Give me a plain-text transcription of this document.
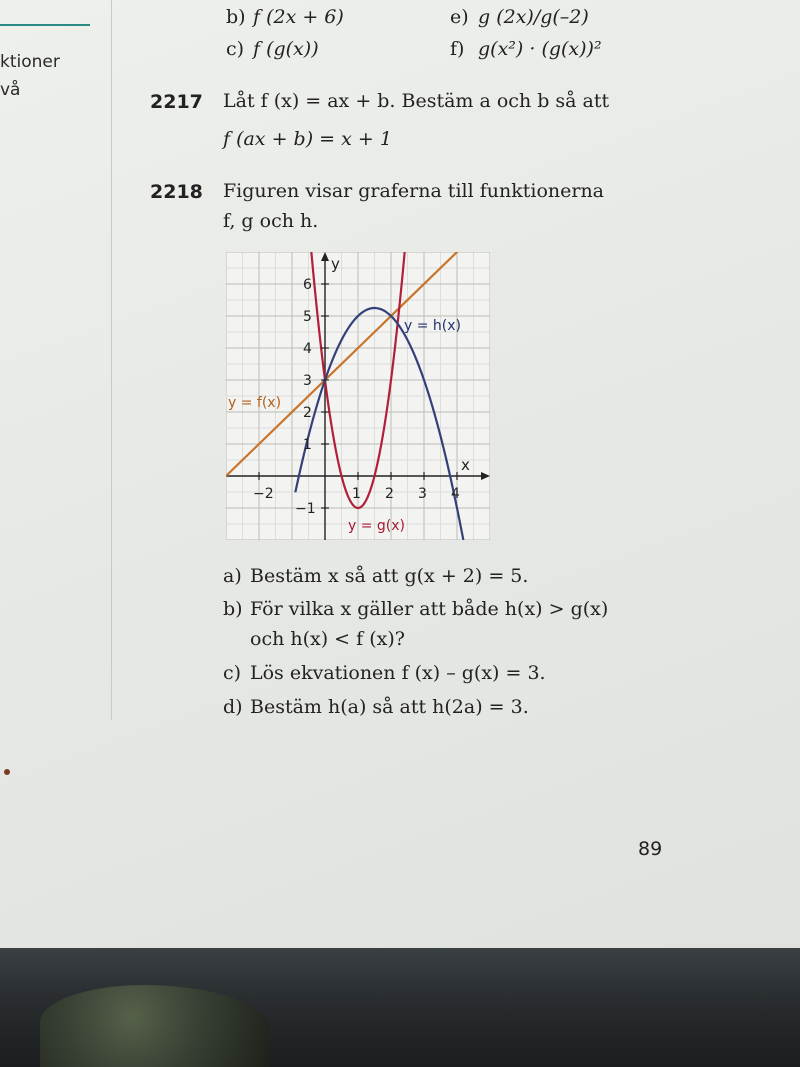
ktioner
vå
b) f (2x + 6)
c) f (g(x))
e) g (2x)/g(–2)
f) g(x²) · (g(x))²
2217 Låt f (x) = ax + b. Bestäm a och b så att
f (ax + b) = x + 1
2218 Figuren visar graferna till funktionerna
f, g och h.
−2	1 2 3 4
−1
1
2
3
4
5
6
x
y
y = f(x)
y = g(x)
y = h(x)
a) Bestäm x så att g(x + 2) = 5.
b) För vilka x gäller att både h(x) > g(x)
och h(x) < f (x)?
c) Lös ekvationen f (x) – g(x) = 3.
d) Bestäm h(a) så att h(2a) = 3.
89
